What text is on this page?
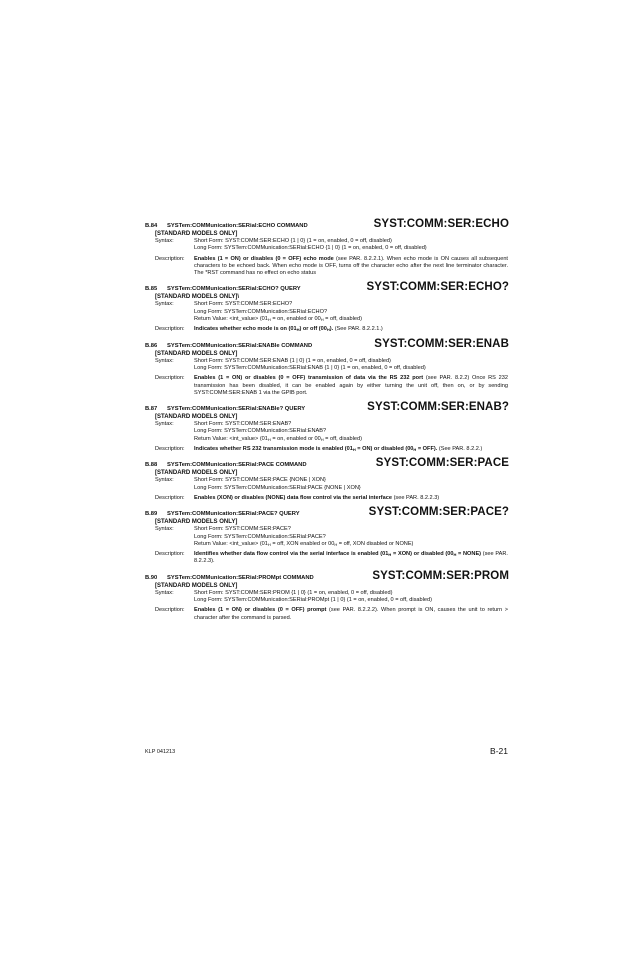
B.84 SYSTem:COMMunication:SERial:ECHO COMMAND	SYST:COMM:SER:ECHO
[STANDARD MODELS ONLY]
Syntax:	Short Form: SYST:COMM:SER:ECHO {1 | 0} (1 = on, enabled, 0 = off, disabled)
Long Form: SYSTem:COMMunication:SERial:ECHO {1 | 0} (1 = on, enabled, 0 = off, disabled)
Description:	Enables (1 = ON) or disables (0 = OFF) echo mode (see PAR. 8.2.2.1). When echo mode is ON causes all subsequent characters to be echoed back. When echo mode is OFF, turns off the character echo after the next line terminator character. The *RST command has no effect on echo status
B.85 SYSTem:COMMunication:SERial:ECHO? QUERY	SYST:COMM:SER:ECHO?
[STANDARD MODELS ONLY]\
Syntax:	Short Form: SYST:COMM:SER:ECHO?
Long Form: SYSTem:COMMunication:SERial:ECHO?
Return Value: <int_value> ($01_H$ = on, enabled or $00_H$ = off, disabled)
Description:	Indicates whether echo mode is on $(01_H)$ or off $(00_H)$. (See PAR. 8.2.2.1.)
B.86 SYSTem:COMMunication:SERial:ENABle COMMAND	SYST:COMM:SER:ENAB
[STANDARD MODELS ONLY]
Syntax:	Short Form: SYST:COMM:SER:ENAB {1 | 0} (1 = on, enabled, 0 = off, disabled)
Long Form: SYSTem:COMMunication:SERial:ENAB {1 | 0} (1 = on, enabled, 0 = off, disabled)
Description:	Enables (1 = ON) or disables (0 = OFF) transmission of data via the RS 232 port (see PAR. 8.2.2) Once RS 232 transmission has been disabled, it can be enabled again by either turning the unit off, then on, or by sending SYST:COMM:SER:ENAB 1 via the GPIB port.
B.87 SYSTem:COMMunication:SERial:ENABle? QUERY	SYST:COMM:SER:ENAB?
[STANDARD MODELS ONLY]
Syntax:	Short Form: SYST:COMM:SER:ENAB?
Long Form: SYSTem:COMMunication:SERial:ENAB?
Return Value: <int_value> ($01_H$ = on, enabled or $00_H$ = off, disabled)
Description:	Indicates whether RS 232 transmission mode is enabled $(01_H = ON)$ or disabled $(00_H = OFF)$. (See PAR. 8.2.2.)
B.88 SYSTem:COMMunication:SERial:PACE COMMAND	SYST:COMM:SER:PACE
[STANDARD MODELS ONLY]
Syntax:	Short Form: SYST:COMM:SER:PACE {NONE | XON}
Long Form: SYSTem:COMMunication:SERial:PACE {NONE | XON}
Description:	Enables (XON) or disables (NONE) data flow control via the serial interface (see PAR. 8.2.2.3)
B.89 SYSTem:COMMunication:SERial:PACE? QUERY	SYST:COMM:SER:PACE?
[STANDARD MODELS ONLY]
Syntax:	Short Form: SYST:COMM:SER:PACE?
Long Form: SYSTem:COMMunication:SERial:PACE?
Return Value: <int_value> ($01_H$ = off, XON enabled or $00_H$ = off, XON disabled or NONE)
Description:	Identifies whether data flow control via the serial interface is enabled $(01_H = XON)$ or disabled ($00_H$ = NONE) (see PAR. 8.2.2.3).
B.90 SYSTem:COMMunication:SERial:PROMpt COMMAND	SYST:COMM:SER:PROM
[STANDARD MODELS ONLY]
Syntax:	Short Form: SYST:COMM:SER:PROM {1 | 0} (1 = on, enabled, 0 = off, disabled)
Long Form: SYSTem:COMMunication:SERial:PROMpt {1 | 0} (1 = on, enabled, 0 = off, disabled)
Description:	Enables (1 = ON) or disables (0 = OFF) prompt (see PAR. 8.2.2.2). When prompt is ON, causes the unit to return > character after the command is parsed.
KLP 041213	B-21
